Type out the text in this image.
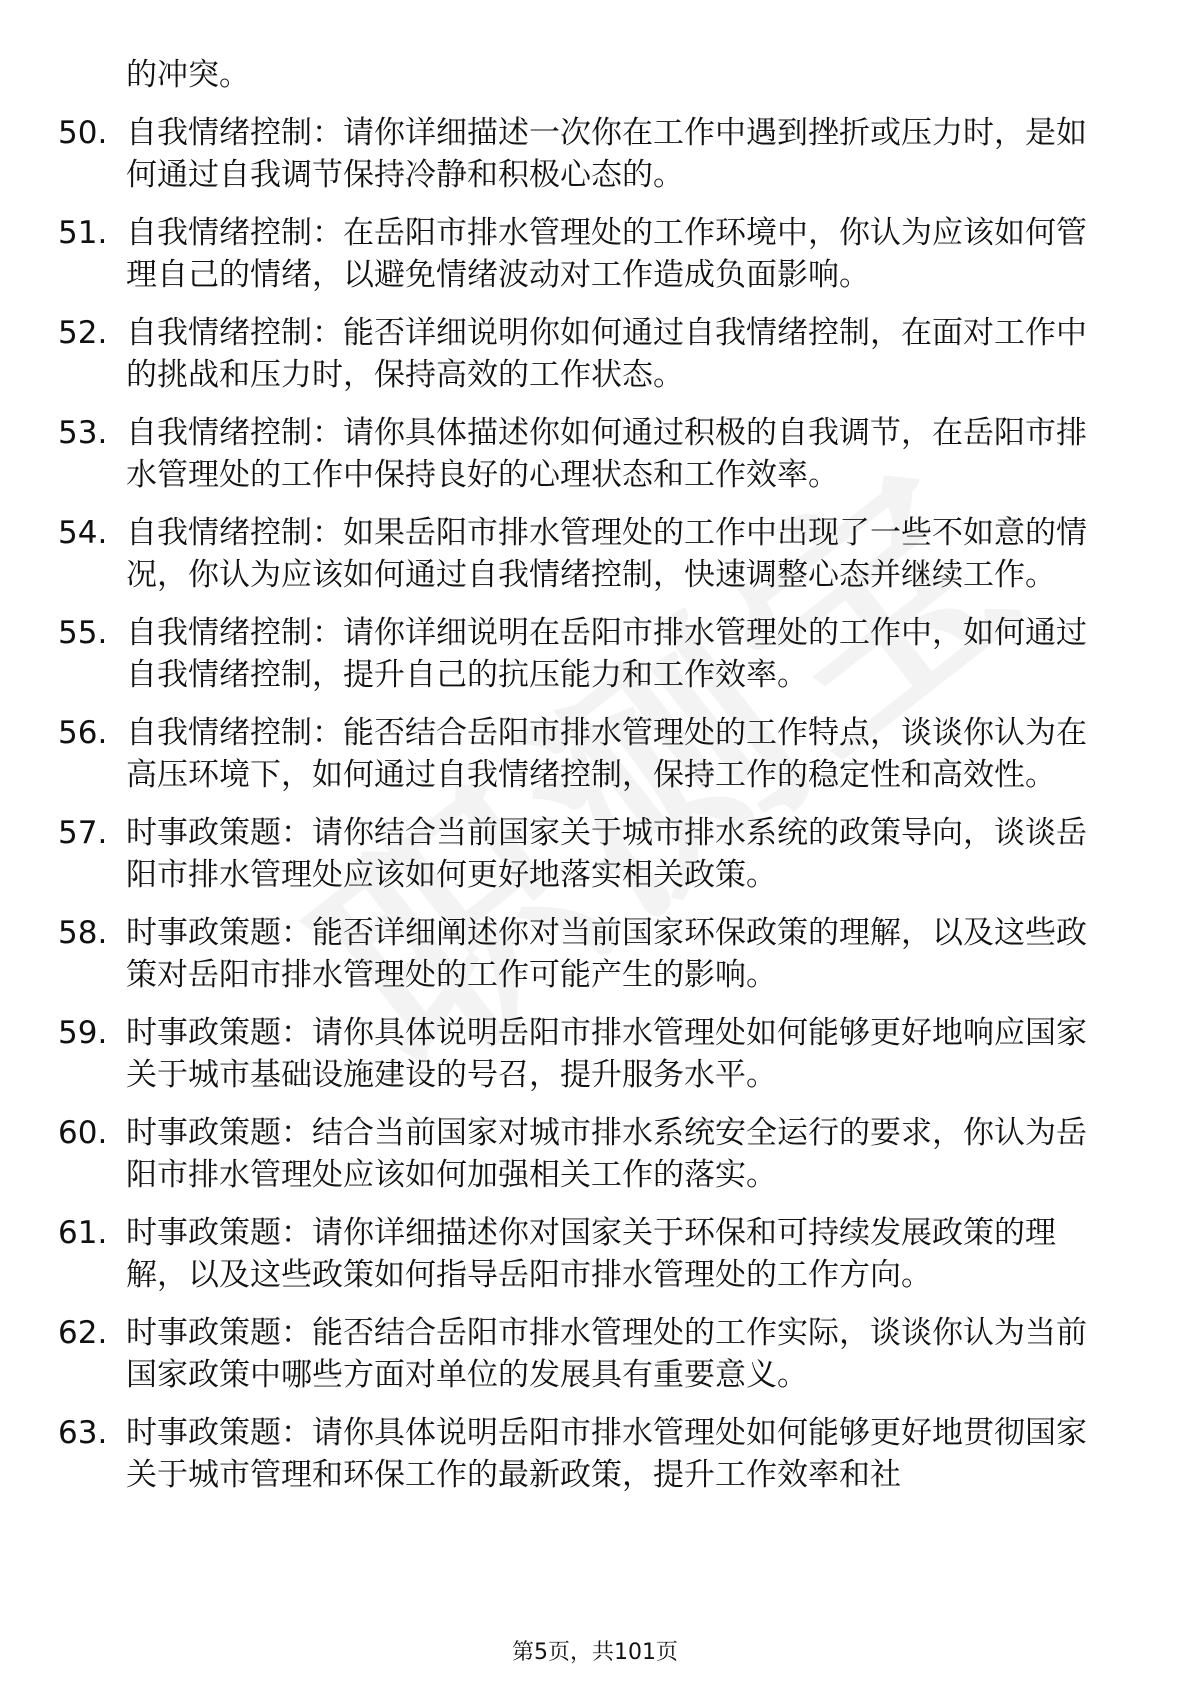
的冲突。

50. 自我情绪控制：请你详细描述一次你在工作中遇到挫折或压力时，是如何通过自我调节保持冷静和积极心态的。
51. 自我情绪控制：在岳阳市排水管理处的工作环境中，你认为应该如何管理自己的情绪，以避免情绪波动对工作造成负面影响。
52. 自我情绪控制：能否详细说明你如何通过自我情绪控制，在面对工作中的挑战和压力时，保持高效的工作状态。
53. 自我情绪控制：请你具体描述你如何通过积极的自我调节，在岳阳市排水管理处的工作中保持良好的心理状态和工作效率。
54. 自我情绪控制：如果岳阳市排水管理处的工作中出现了一些不如意的情况，你认为应该如何通过自我情绪控制，快速调整心态并继续工作。
55. 自我情绪控制：请你详细说明在岳阳市排水管理处的工作中，如何通过自我情绪控制，提升自己的抗压能力和工作效率。
56. 自我情绪控制：能否结合岳阳市排水管理处的工作特点，谈谈你认为在高压环境下，如何通过自我情绪控制，保持工作的稳定性和高效性。
57. 时事政策题：请你结合当前国家关于城市排水系统的政策导向，谈谈岳阳市排水管理处应该如何更好地落实相关政策。
58. 时事政策题：能否详细阐述你对当前国家环保政策的理解，以及这些政策对岳阳市排水管理处的工作可能产生的影响。
59. 时事政策题：请你具体说明岳阳市排水管理处如何能够更好地响应国家关于城市基础设施建设的号召，提升服务水平。
60. 时事政策题：结合当前国家对城市排水系统安全运行的要求，你认为岳阳市排水管理处应该如何加强相关工作的落实。
61. 时事政策题：请你详细描述你对国家关于环保和可持续发展政策的理解，以及这些政策如何指导岳阳市排水管理处的工作方向。
62. 时事政策题：能否结合岳阳市排水管理处的工作实际，谈谈你认为当前国家政策中哪些方面对单位的发展具有重要意义。
63. 时事政策题：请你具体说明岳阳市排水管理处如何能够更好地贯彻国家关于城市管理和环保工作的最新政策，提升工作效率和社
第5页，共101页
